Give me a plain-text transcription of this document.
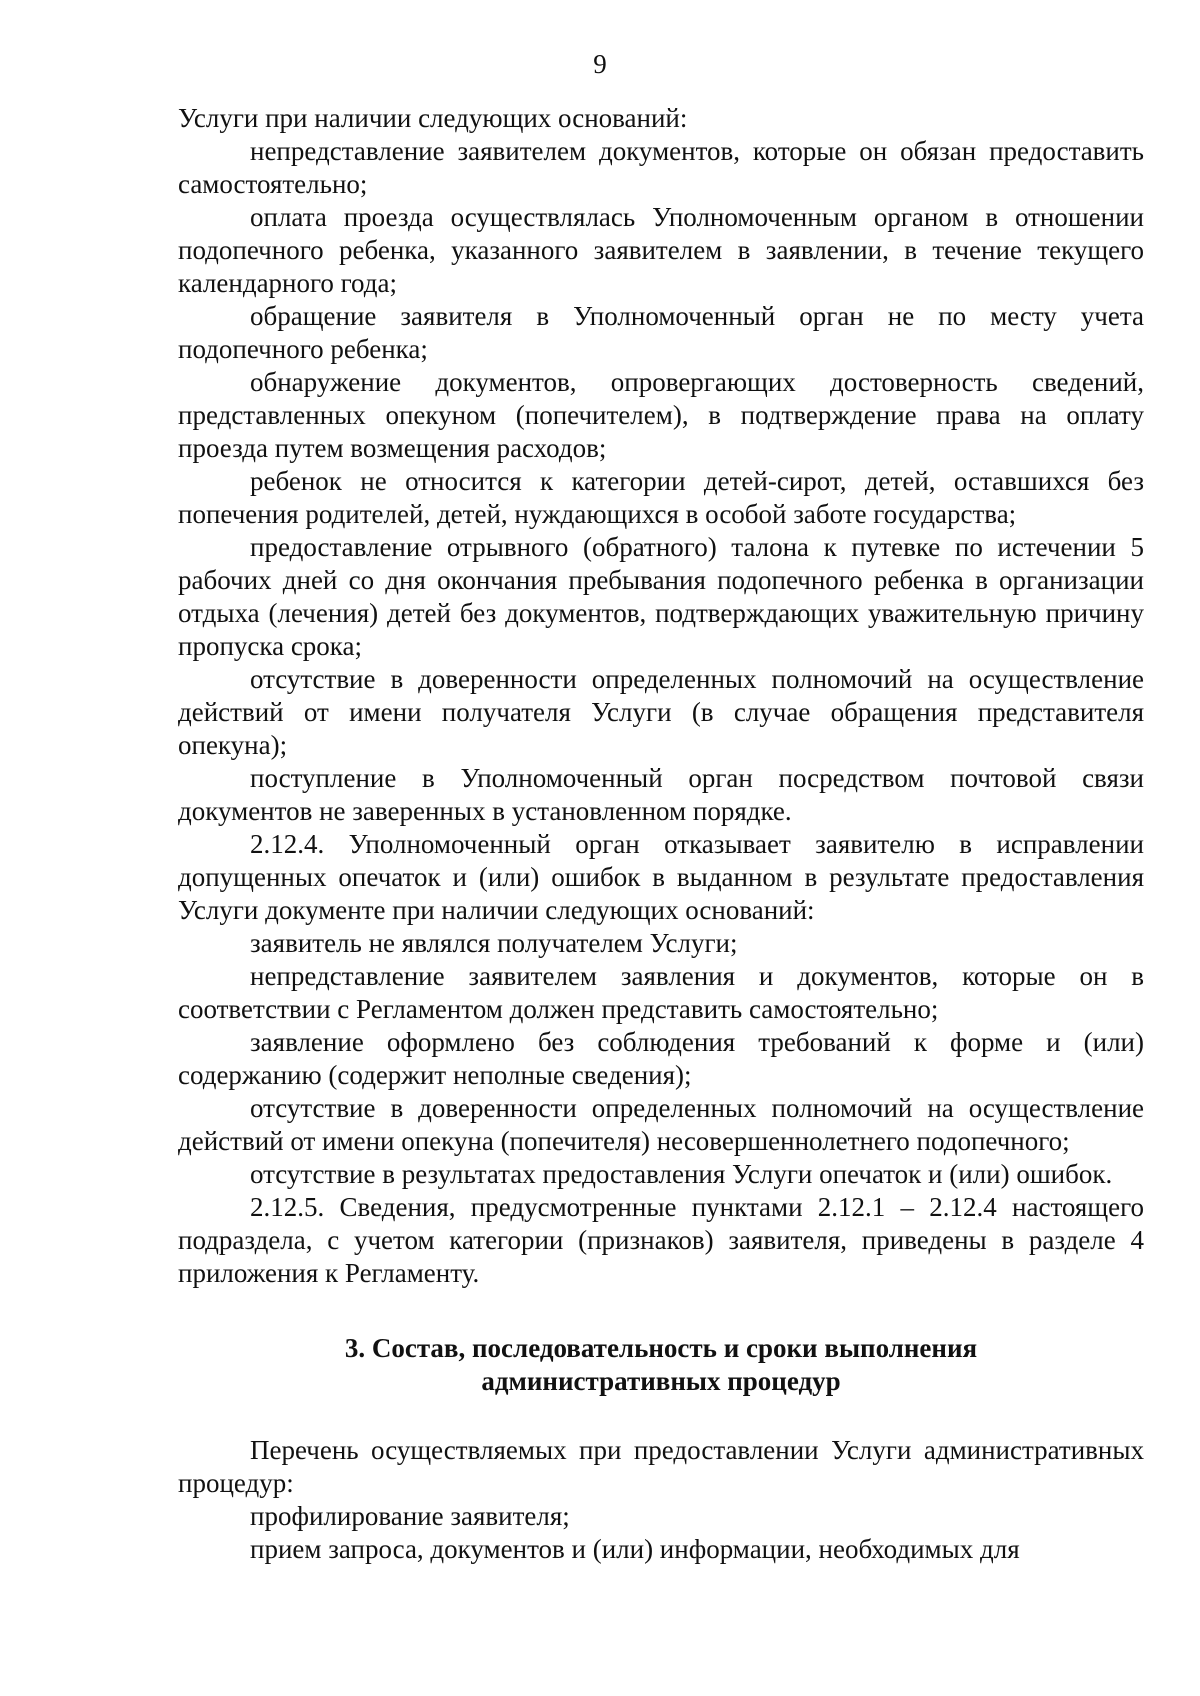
9

Услуги при наличии следующих оснований:

непредставление заявителем документов, которые он обязан предоставить самостоятельно;

оплата проезда осуществлялась Уполномоченным органом в отношении подопечного ребенка, указанного заявителем в заявлении, в течение текущего календарного года;

обращение заявителя в Уполномоченный орган не по месту учета подопечного ребенка;

обнаружение документов, опровергающих достоверность сведений, представленных опекуном (попечителем), в подтверждение права на оплату проезда путем возмещения расходов;

ребенок не относится к категории детей-сирот, детей, оставшихся без попечения родителей, детей, нуждающихся в особой заботе государства;

предоставление отрывного (обратного) талона к путевке по истечении 5 рабочих дней со дня окончания пребывания подопечного ребенка в организации отдыха (лечения) детей без документов, подтверждающих уважительную причину пропуска срока;

отсутствие в доверенности определенных полномочий на осуществление действий от имени получателя Услуги (в случае обращения представителя опекуна);

поступление в Уполномоченный орган посредством почтовой связи документов не заверенных в установленном порядке.

2.12.4. Уполномоченный орган отказывает заявителю в исправлении допущенных опечаток и (или) ошибок в выданном в результате предоставления Услуги документе при наличии следующих оснований:

заявитель не являлся получателем Услуги;

непредставление заявителем заявления и документов, которые он в соответствии с Регламентом должен представить самостоятельно;

заявление оформлено без соблюдения требований к форме и (или) содержанию (содержит неполные сведения);

отсутствие в доверенности определенных полномочий на осуществление действий от имени опекуна (попечителя) несовершеннолетнего подопечного;

отсутствие в результатах предоставления Услуги опечаток и (или) ошибок.

2.12.5. Сведения, предусмотренные пунктами 2.12.1 – 2.12.4 настоящего подраздела, с учетом категории (признаков) заявителя, приведены в разделе 4 приложения к Регламенту.

3. Состав, последовательность и сроки выполнения
административных процедур

Перечень осуществляемых при предоставлении Услуги административных процедур:

профилирование заявителя;

прием запроса, документов и (или) информации, необходимых для
